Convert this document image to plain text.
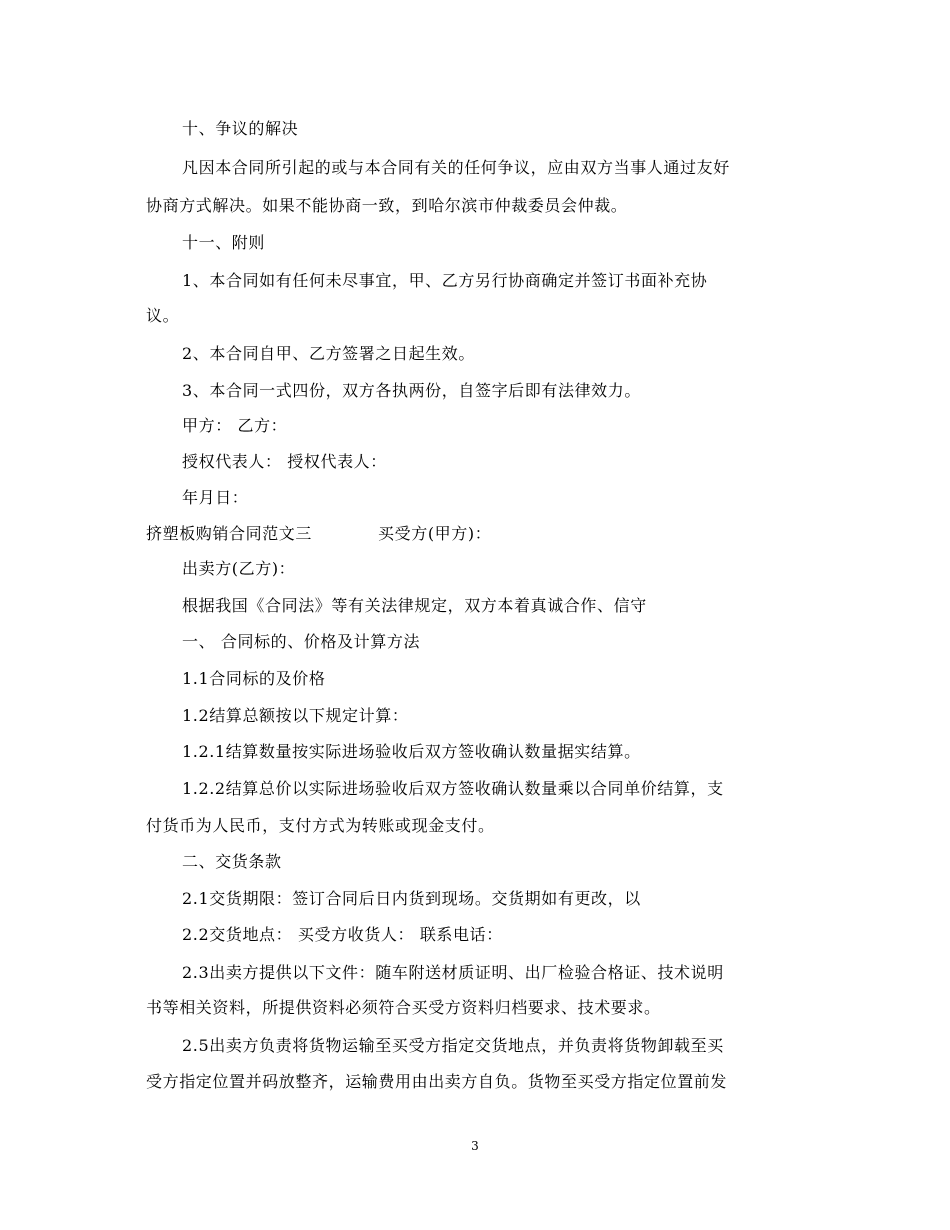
十、争议的解决
凡因本合同所引起的或与本合同有关的任何争议，应由双方当事人通过友好
协商方式解决。如果不能协商一致，到哈尔滨市仲裁委员会仲裁。
十一、附则
1、本合同如有任何未尽事宜，甲、乙方另行协商确定并签订书面补充协
议。
2、本合同自甲、乙方签署之日起生效。
3、本合同一式四份，双方各执两份，自签字后即有法律效力。
甲方： 乙方：
授权代表人： 授权代表人：
年月日：
挤塑板购销合同范文三	买受方(甲方)：
出卖方(乙方)：
根据我国《合同法》等有关法律规定，双方本着真诚合作、信守
一、 合同标的、价格及计算方法
1.1合同标的及价格
1.2结算总额按以下规定计算：
1.2.1结算数量按实际进场验收后双方签收确认数量据实结算。
1.2.2结算总价以实际进场验收后双方签收确认数量乘以合同单价结算，支
付货币为人民币，支付方式为转账或现金支付。
二、交货条款
2.1交货期限：签订合同后日内货到现场。交货期如有更改，以
2.2交货地点： 买受方收货人： 联系电话：
2.3出卖方提供以下文件：随车附送材质证明、出厂检验合格证、技术说明
书等相关资料，所提供资料必须符合买受方资料归档要求、技术要求。
2.5出卖方负责将货物运输至买受方指定交货地点，并负责将货物卸载至买
受方指定位置并码放整齐，运输费用由出卖方自负。货物至买受方指定位置前发
3
